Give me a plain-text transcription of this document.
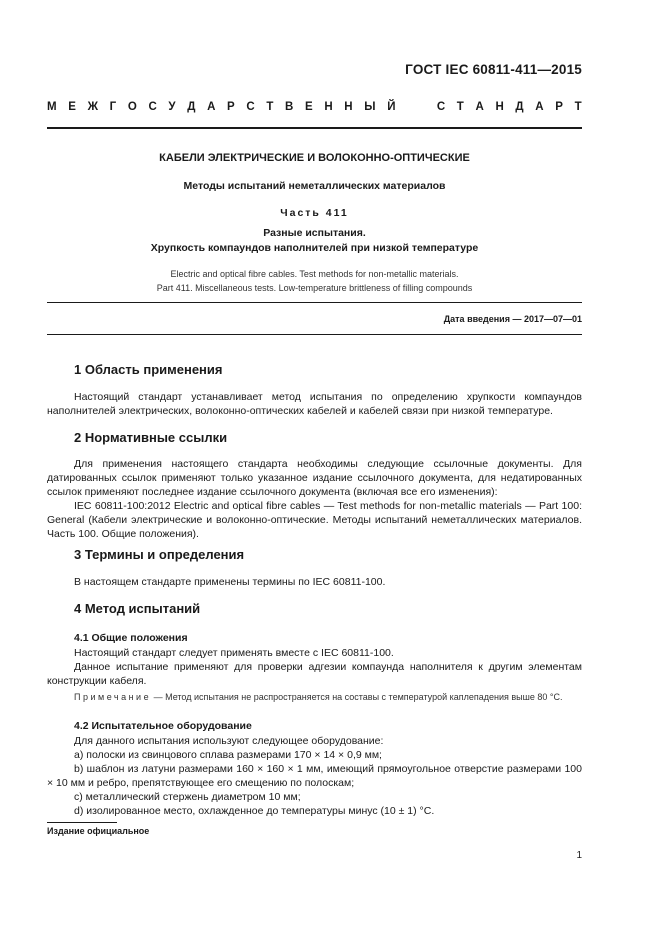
ГОСТ IEC 60811-411—2015
М Е Ж Г О С У Д А Р С Т В Е Н Н Ы Й

	С Т А Н Д А Р Т
КАБЕЛИ ЭЛЕКТРИЧЕСКИЕ И ВОЛОКОННО-ОПТИЧЕСКИЕ
Методы испытаний неметаллических материалов
Часть 411
Разные испытания.
Хрупкость компаундов наполнителей при низкой температуре
Electric and optical fibre cables. Test methods for non-metallic materials.
Part 411. Miscellaneous tests. Low-temperature brittleness of filling compounds
Дата введения — 2017—07—01
1 Область применения
Настоящий стандарт устанавливает метод испытания по определению хрупкости компаундов наполнителей электрических, волоконно-оптических кабелей и кабелей связи при низкой температуре.
2 Нормативные ссылки
Для применения настоящего стандарта необходимы следующие ссылочные документы. Для датированных ссылок применяют только указанное издание ссылочного документа, для недатированных ссылок применяют последнее издание ссылочного документа (включая все его изменения):
IEC 60811-100:2012 Electric and optical fibre cables — Test methods for non-metallic materials — Part 100: General (Кабели электрические и волоконно-оптические. Методы испытаний неметаллических материалов. Часть 100. Общие положения).
3 Термины и определения
В настоящем стандарте применены термины по IEC 60811-100.
4 Метод испытаний
4.1 Общие положения
Настоящий стандарт следует применять вместе с IEC 60811-100.
Данное испытание применяют для проверки адгезии компаунда наполнителя к другим элементам конструкции кабеля.
Примечание — Метод испытания не распространяется на составы с температурой каплепадения выше 80 °С.
4.2 Испытательное оборудование
Для данного испытания используют следующее оборудование:
а) полоски из свинцового сплава размерами 170 × 14 × 0,9 мм;
b) шаблон из латуни размерами 160 × 160 × 1 мм, имеющий прямоугольное отверстие размерами 100 × 10 мм и ребро, препятствующее его смещению по полоскам;
с) металлический стержень диаметром 10 мм;
d) изолированное место, охлажденное до температуры минус (10 ± 1) °С.
Издание официальное
1
